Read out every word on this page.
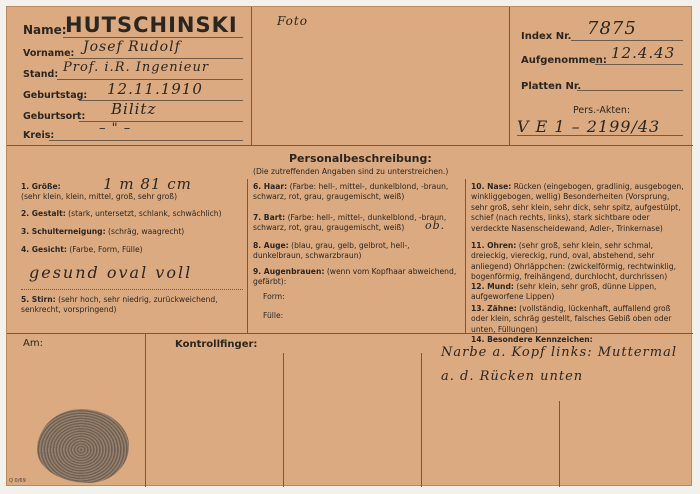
Name:
HUTSCHINSKI
Vorname: Josef Rudolf
Stand: Prof. i.R. Ingenieur
Geburtstag: 12.11.1910
Geburtsort: Bilitz
Kreis:	– " –
Foto
Index Nr. 7875
Aufgenommen: 12.4.43
Platten Nr.
Pers.-Akten:
V E 1 – 2199/43
Personalbeschreibung:
(Die zutreffenden Angaben sind zu unterstreichen.)
1. Größe:	1 m 81 cm
(sehr klein, klein, mittel, groß, sehr groß)
2. Gestalt: (stark, untersetzt, schlank, schwächlich)
3. Schulterneigung: (schräg, waagrecht)
4. Gesicht: (Farbe, Form, Fülle)
gesund oval voll
5. Stirn: (sehr hoch, sehr niedrig, zurückweichend, senkrecht, vorspringend)
6. Haar: (Farbe: hell-, mittel-, dunkelblond, -braun, schwarz, rot, grau, graugemischt, weiß)
7. Bart: (Farbe: hell-, mittel-, dunkelblond, -braun, schwarz, rot, grau, graugemischt, weiß)	ob.
8. Auge: (blau, grau, gelb, gelbrot, hell-, dunkelbraun, schwarzbraun)
9. Augenbrauen: (wenn vom Kopfhaar abweichend, gefärbt):
Form:
Fülle:
10. Nase: Rücken (eingebogen, gradlinig, ausgebogen, winkliggebogen, wellig) Besonderheiten (Vorsprung, sehr groß, sehr klein, sehr dick, sehr spitz, aufgestülpt, schief (nach rechts, links), stark sichtbare oder verdeckte Nasenscheidewand, Adler-, Trinkernase)
11. Ohren: (sehr groß, sehr klein, sehr schmal, dreieckig, viereckig, rund, oval, abstehend, sehr anliegend) Ohrläppchen: (zwickelförmig, rechtwinklig, bogenförmig, freihängend, durchlocht, durchrissen)
12. Mund: (sehr klein, sehr groß, dünne Lippen, aufgeworfene Lippen)
13. Zähne: (vollständig, lückenhaft, auffallend groß oder klein, schräg gestellt, falsches Gebiß oben oder unten, Füllungen)
14. Besondere Kennzeichen:
Narbe a. Kopf links: Muttermal
a. d. Rücken unten
Am:	Kontrollfinger:
Q 0/69
